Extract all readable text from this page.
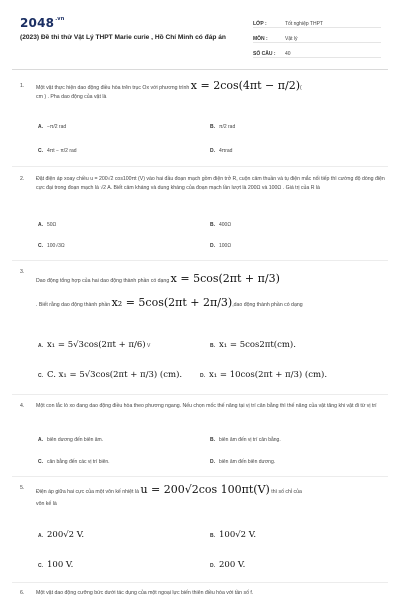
$2048^{.vn}$
(2023) Đề thi thử Vật Lý THPT Marie curie , Hồ Chí Minh có đáp án
LỚP :	Tốt nghiệp THPT
MÔN :	Vật lý
SỐ CÂU :	40
1.	Một vật thực hiện dao động điều hòa trên trục Ox với phương trình x = 2cos(4πt − π/2)(
cm ) . Pha dao động của vật là
A. −π/2 rad	B. π/2 rad
C. 4πt − π/2 rad	D. 4πrad
2.	Đặt điện áp xoay chiều u = 200√2 cos100πt (V) vào hai đầu đoạn mạch gồm điện trở R, cuộn cảm thuần và tụ điện mắc nối tiếp thì cường độ dòng điện cực đại trong đoạn mạch là √2 A. Biết cảm kháng và dung kháng của đoạn mạch lần lượt là 200Ω và 100Ω . Giá trị của R là
A. 50Ω	B. 400Ω
C. 100√3Ω	D. 100Ω
3.
Dao động tổng hợp của hai dao động thành phần có dạng x = 5cos(2πt + π/3)
. Biết rằng dao động thành phần x₂ = 5cos(2πt + 2π/3),dao động thành phần có dạng
A. x₁ = 5√3cos(2πt + π/6) V	B. x₁ = 5cos2πt(cm).
C. C. x₁ = 5√3cos(2πt + π/3) (cm).	D. x₁ = 10cos(2πt + π/3) (cm).
4.	Một con lắc lò xo đang dao động điều hòa theo phương ngang. Nếu chọn mốc thế năng tại vị trí cân bằng thì thế năng của vật tăng khi vật đi từ vị trí
A. biên dương đến biên âm.	B. biên âm đến vị trí cân bằng.
C. cân bằng đến các vị trí biên.	D. biên âm đến biên dương.
5.
Điện áp giữa hai cực của một vôn kế nhiệt là u = 200√2cos 100πt(V) thì số chỉ của
vôn kế là
A. 200√2 V.	B. 100√2 V.
C. 100 V.	D. 200 V.
6.	Một vật dao động cưỡng bức dưới tác dụng của một ngoại lực biến thiên điều hòa với tần số f.
